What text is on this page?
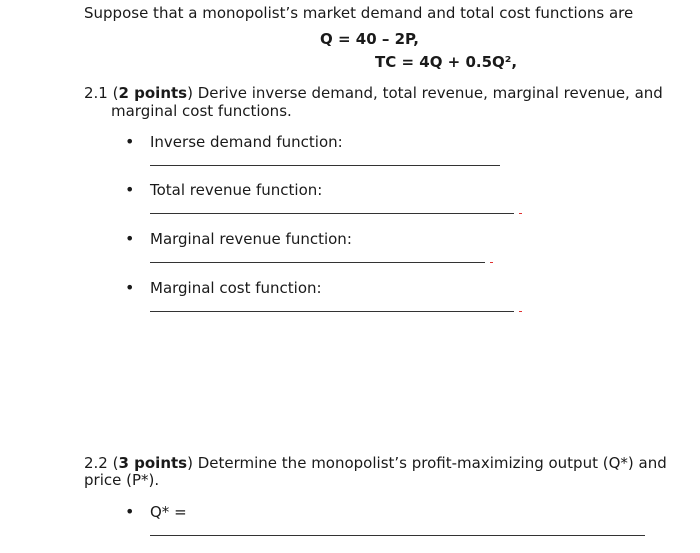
Suppose that a monopolist’s market demand and total cost functions are
Q = 40 – 2P,
TC = 4Q + 0.5Q²,
2.1 (2 points) Derive inverse demand, total revenue, marginal revenue, and
marginal cost functions.
• Inverse demand function:
• Total revenue function:
• Marginal revenue function:
• Marginal cost function:
2.2 (3 points) Determine the monopolist’s profit-maximizing output (Q*) and
price (P*).
• Q* =
